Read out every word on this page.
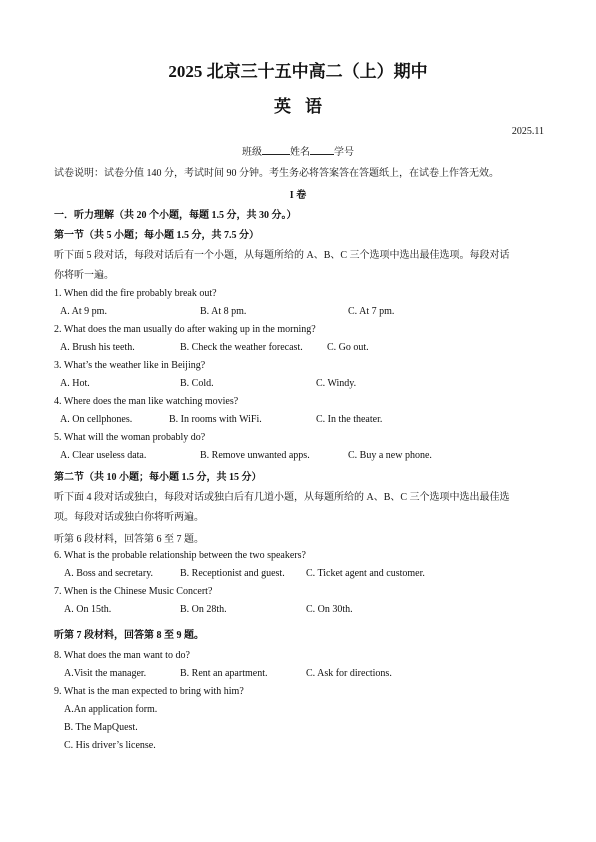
2025 北京三十五中高二（上）期中
英语
2025.11
班级	姓名 学号
试卷说明：试卷分值 140 分，考试时间 90 分钟。考生务必将答案答在答题纸上，在试卷上作答无效。
I 卷
一．听力理解（共 20 个小题，每题 1.5 分，共 30 分。）
第一节（共 5 小题；每小题 1.5 分，共 7.5 分）
听下面 5 段对话，每段对话后有一个小题，从每题所给的 A、B、C 三个选项中选出最佳选项。每段对话
你将听一遍。
1. When did the fire probably break out?
A. At 9 pm.	B. At 8 pm.	C. At 7 pm.
2. What does the man usually do after waking up in the morning?
A. Brush his teeth.	B. Check the weather forecast. C. Go out.
3. What’s the weather like in Beijing?
A. Hot.	B. Cold.	C. Windy.
4. Where does the man like watching movies?
A. On cellphones.	B. In rooms with WiFi.	C. In the theater.
5. What will the woman probably do?
A. Clear useless data.	B. Remove unwanted apps.	C. Buy a new phone.
第二节（共 10 小题；每小题 1.5 分，共 15 分）
听下面 4 段对话或独白，每段对话或独白后有几道小题，从每题所给的 A、B、C 三个选项中选出最佳选
项。每段对话或独白你将听两遍。
听第 6 段材料，回答第 6 至 7 题。
6. What is the probable relationship between the two speakers?
A. Boss and secretary.	B. Receptionist and guest. C. Ticket agent and customer.
7. When is the Chinese Music Concert?
A. On 15th.	B. On 28th.	C. On 30th.
听第 7 段材料，回答第 8 至 9 题。
8. What does the man want to do?
A.Visit the manager.	B. Rent an apartment.	C. Ask for directions.
9. What is the man expected to bring with him?
A.An application form.
B. The MapQuest.
C. His driver’s license.
